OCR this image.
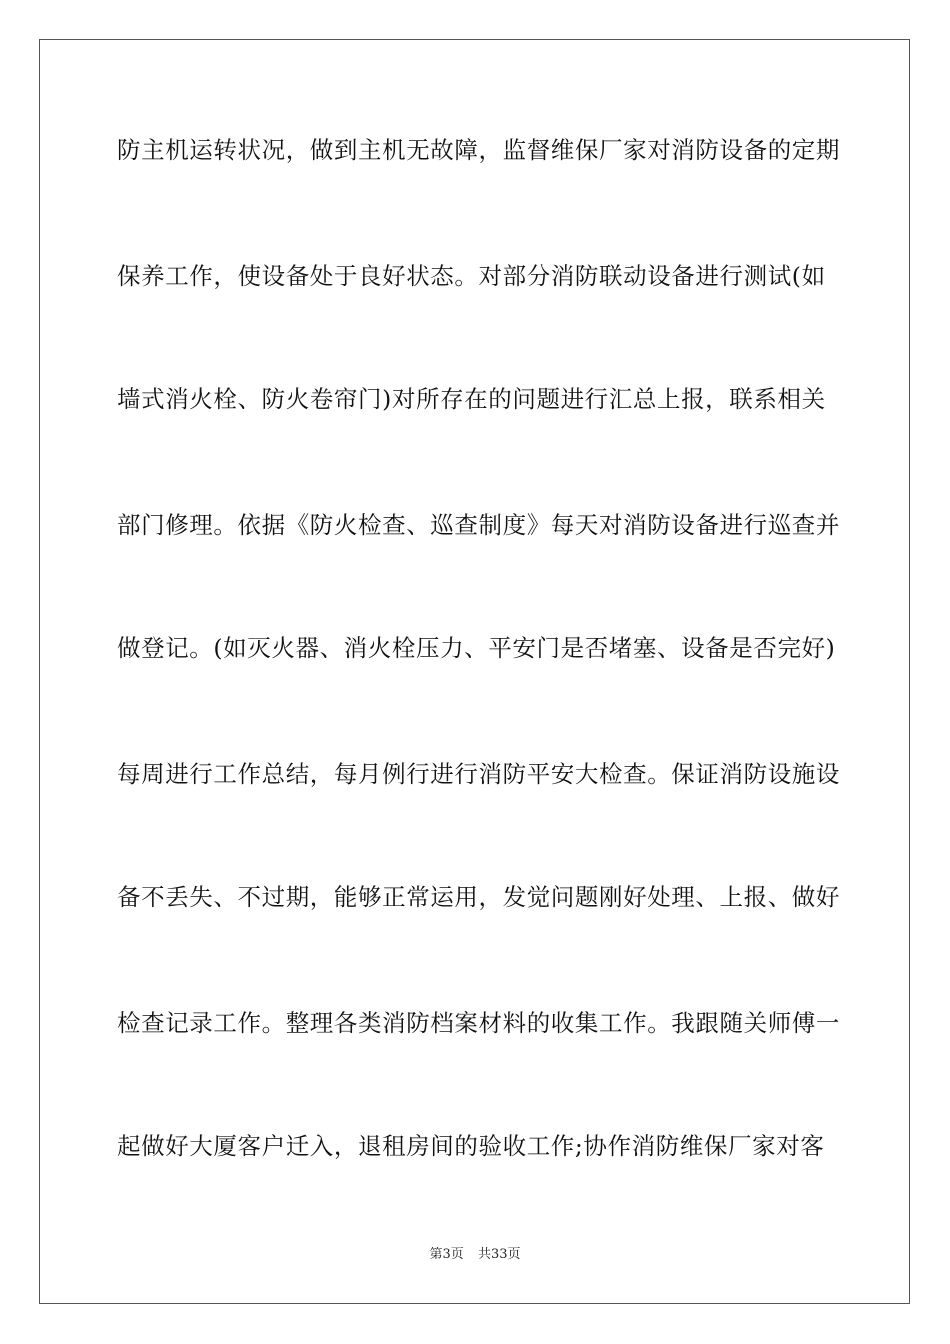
防主机运转状况，做到主机无故障，监督维保厂家对消防设备的定期
保养工作，使设备处于良好状态。对部分消防联动设备进行测试(如
墙式消火栓、防火卷帘门)对所存在的问题进行汇总上报，联系相关
部门修理。依据《防火检查、巡查制度》每天对消防设备进行巡查并
做登记。(如灭火器、消火栓压力、平安门是否堵塞、设备是否完好)
每周进行工作总结，每月例行进行消防平安大检查。保证消防设施设
备不丢失、不过期，能够正常运用，发觉问题刚好处理、上报、做好
检查记录工作。整理各类消防档案材料的收集工作。我跟随关师傅一
起做好大厦客户迁入，退租房间的验收工作;协作消防维保厂家对客
第3页 共33页
